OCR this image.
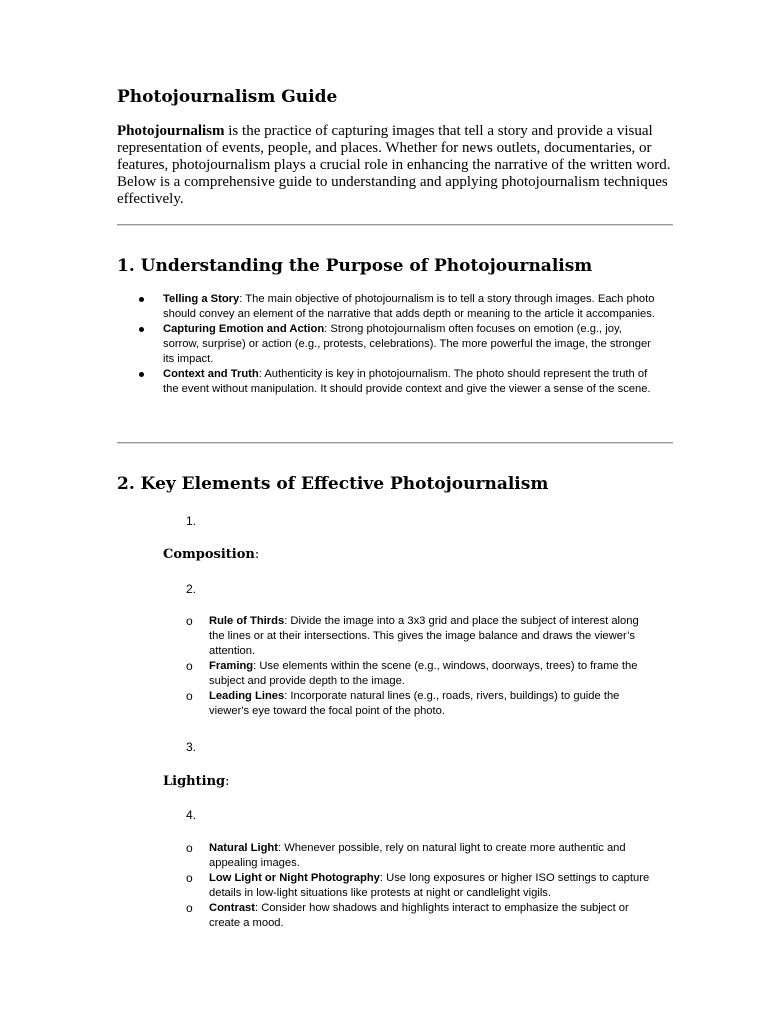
Photojournalism Guide

Photojournalism is the practice of capturing images that tell a story and provide a visual representation of events, people, and places. Whether for news outlets, documentaries, or features, photojournalism plays a crucial role in enhancing the narrative of the written word. Below is a comprehensive guide to understanding and applying photojournalism techniques effectively.

1. Understanding the Purpose of Photojournalism
Telling a Story: The main objective of photojournalism is to tell a story through images. Each photo should convey an element of the narrative that adds depth or meaning to the article it accompanies.
Capturing Emotion and Action: Strong photojournalism often focuses on emotion (e.g., joy, sorrow, surprise) or action (e.g., protests, celebrations). The more powerful the image, the stronger its impact.
Context and Truth: Authenticity is key in photojournalism. The photo should represent the truth of the event without manipulation. It should provide context and give the viewer a sense of the scene.
2. Key Elements of Effective Photojournalism
1.
Composition:
2.
o Rule of Thirds: Divide the image into a 3x3 grid and place the subject of interest along the lines or at their intersections. This gives the image balance and draws the viewer’s attention.
o Framing: Use elements within the scene (e.g., windows, doorways, trees) to frame the subject and provide depth to the image.
o Leading Lines: Incorporate natural lines (e.g., roads, rivers, buildings) to guide the viewer's eye toward the focal point of the photo.
3.
Lighting:
4.
o Natural Light: Whenever possible, rely on natural light to create more authentic and appealing images.
o Low Light or Night Photography: Use long exposures or higher ISO settings to capture details in low-light situations like protests at night or candlelight vigils.
o Contrast: Consider how shadows and highlights interact to emphasize the subject or create a mood.
